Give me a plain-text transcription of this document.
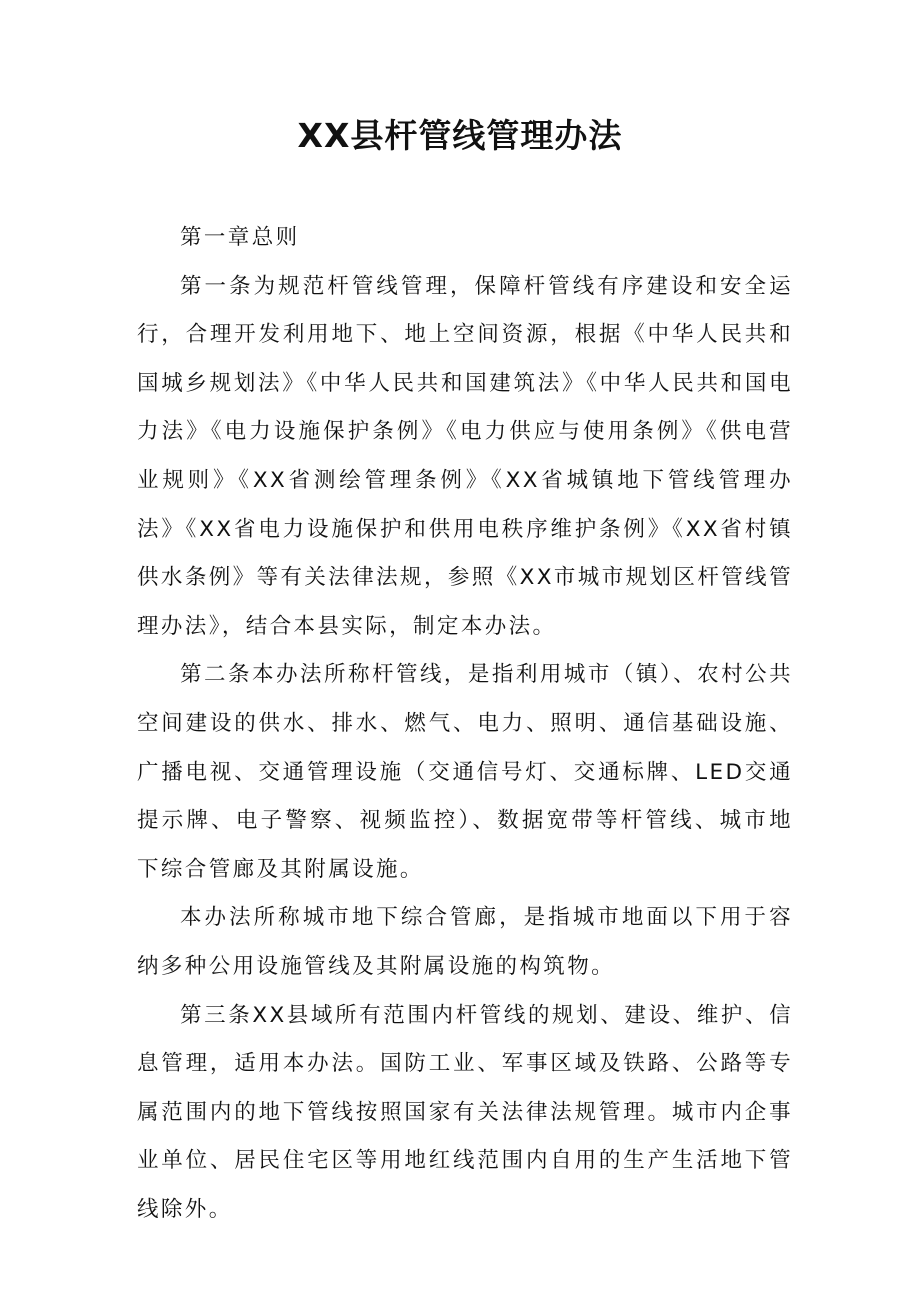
XX县杆管线管理办法

第一章总则

第一条为规范杆管线管理，保障杆管线有序建设和安全运行，合理开发利用地下、地上空间资源，根据《中华人民共和国城乡规划法》《中华人民共和国建筑法》《中华人民共和国电力法》《电力设施保护条例》《电力供应与使用条例》《供电营业规则》《XX省测绘管理条例》《XX省城镇地下管线管理办法》《XX省电力设施保护和供用电秩序维护条例》《XX省村镇供水条例》等有关法律法规，参照《XX市城市规划区杆管线管理办法》，结合本县实际，制定本办法。

第二条本办法所称杆管线，是指利用城市（镇）、农村公共空间建设的供水、排水、燃气、电力、照明、通信基础设施、广播电视、交通管理设施（交通信号灯、交通标牌、LED交通提示牌、电子警察、视频监控）、数据宽带等杆管线、城市地下综合管廊及其附属设施。

本办法所称城市地下综合管廊，是指城市地面以下用于容纳多种公用设施管线及其附属设施的构筑物。

第三条XX县域所有范围内杆管线的规划、建设、维护、信息管理，适用本办法。国防工业、军事区域及铁路、公路等专属范围内的地下管线按照国家有关法律法规管理。城市内企事业单位、居民住宅区等用地红线范围内自用的生产生活地下管线除外。
